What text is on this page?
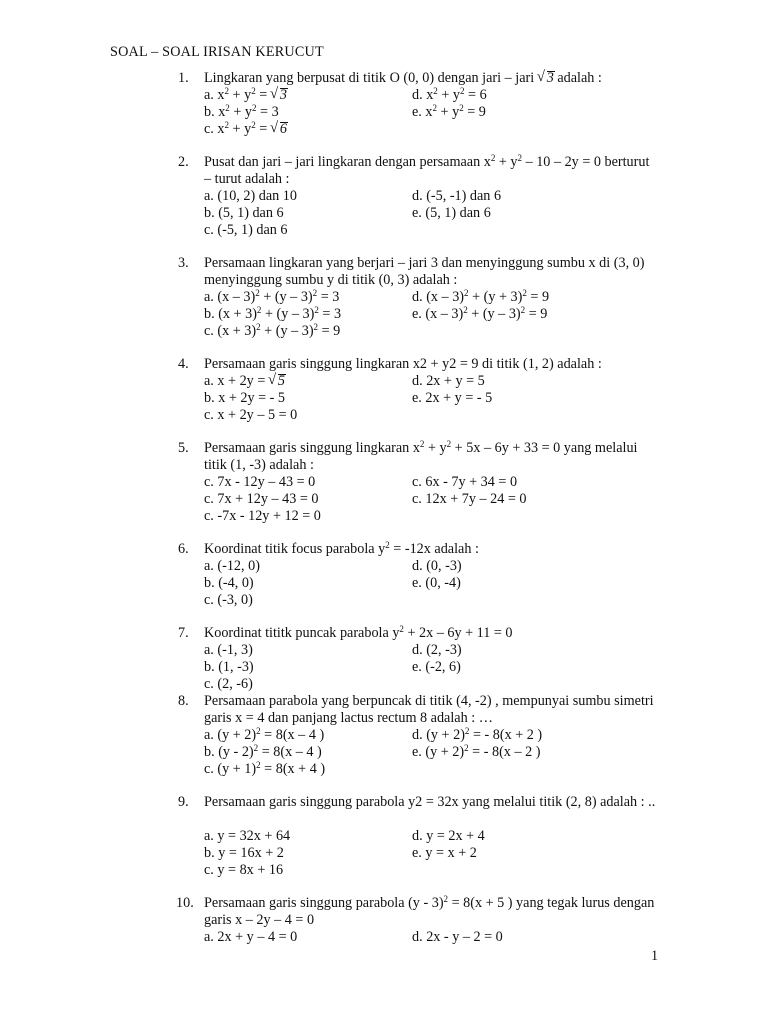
SOAL – SOAL IRISAN KERUCUT
1. Lingkaran yang berpusat di titik O (0, 0) dengan jari – jari √ 3 adalah :
a. $x^2 + y^2$ = √ 3	d. $x^2 + y^2 = 6$
b. $x^2 + y^2 = 3$	e. $x^2 + y^2 = 9$
c. $x^2 + y^2$ = √ 6
2. Pusat dan jari – jari lingkaran dengan persamaan $x^2 + y^2 - 10 - 2y = 0$ berturut – turut adalah :
a. (10, 2) dan 10	d. (-5, -1) dan 6
b. (5, 1) dan 6	e. (5, 1) dan 6
c. (-5, 1) dan 6
3. Persamaan lingkaran yang berjari – jari 3 dan menyinggung sumbu x di (3, 0) menyinggung sumbu y di titik (0, 3) adalah :
a. (x – 3)$^2$ + (y – 3)$^2$ = 3	d. $(x - 3)^2 + (y + 3)^2 = 9$
b. $(x + 3)^2 + (y - 3)^2 = 3$	e. (x – 3)$^2$ + (y – 3)$^2$ = 9
c. $(x + 3)^2 + (y - 3)^2 = 9$
4. Persamaan garis singgung lingkaran x2 + y2 = 9 di titik (1, 2) adalah :
a. x + 2y = √ 5	d. 2x + y = 5
b. x + 2y = - 5	e. 2x + y = - 5
c. x + 2y – 5 = 0
5. Persamaan garis singgung lingkaran $x^2 + y^2 + 5x - 6y + 33 = 0$ yang melalui titik (1, -3) adalah :
c. 7x - 12y – 43 = 0	c. 6x - 7y + 34 = 0
c. 7x + 12y – 43 = 0	c. 12x + 7y – 24 = 0
c. -7x - 12y + 12 = 0
6. Koordinat titik focus parabola $y^2 = -12x$ adalah :
a. (-12, 0)	d. (0, -3)
b. (-4, 0)	e. (0, -4)
c. (-3, 0)
7. Koordinat tititk puncak parabola $y^2 + 2x - 6y + 11 = 0$
a. (-1, 3)	d. (2, -3)
b. (1, -3)	e. (-2, 6)
c. (2, -6)
8. Persamaan parabola yang berpuncak di titik (4, -2) , mempunyai sumbu simetri garis x = 4 dan panjang lactus rectum 8 adalah : …
a. $(y + 2)^2 = 8(x - 4$ )	d. $(y + 2)^2$ = - 8(x + 2 )
b. (y - 2)$^2$ = 8(x – 4 )	e. $(y + 2)^2$ = - 8(x – 2 )
c. $(y + 1)^2 = 8(x + 4$ )
9. Persamaan garis singgung parabola y2 = 32x yang melalui titik (2, 8) adalah : ..
a. y = 32x + 64	d. y = 2x + 4
b. y = 16x + 2	e. y = x + 2
c. y = 8x + 16
10. Persamaan garis singgung parabola (y - 3)$^2$ = 8(x + 5 ) yang tegak lurus dengan garis x – 2y – 4 = 0
a. 2x + y – 4 = 0	d. 2x - y – 2 = 0
1
